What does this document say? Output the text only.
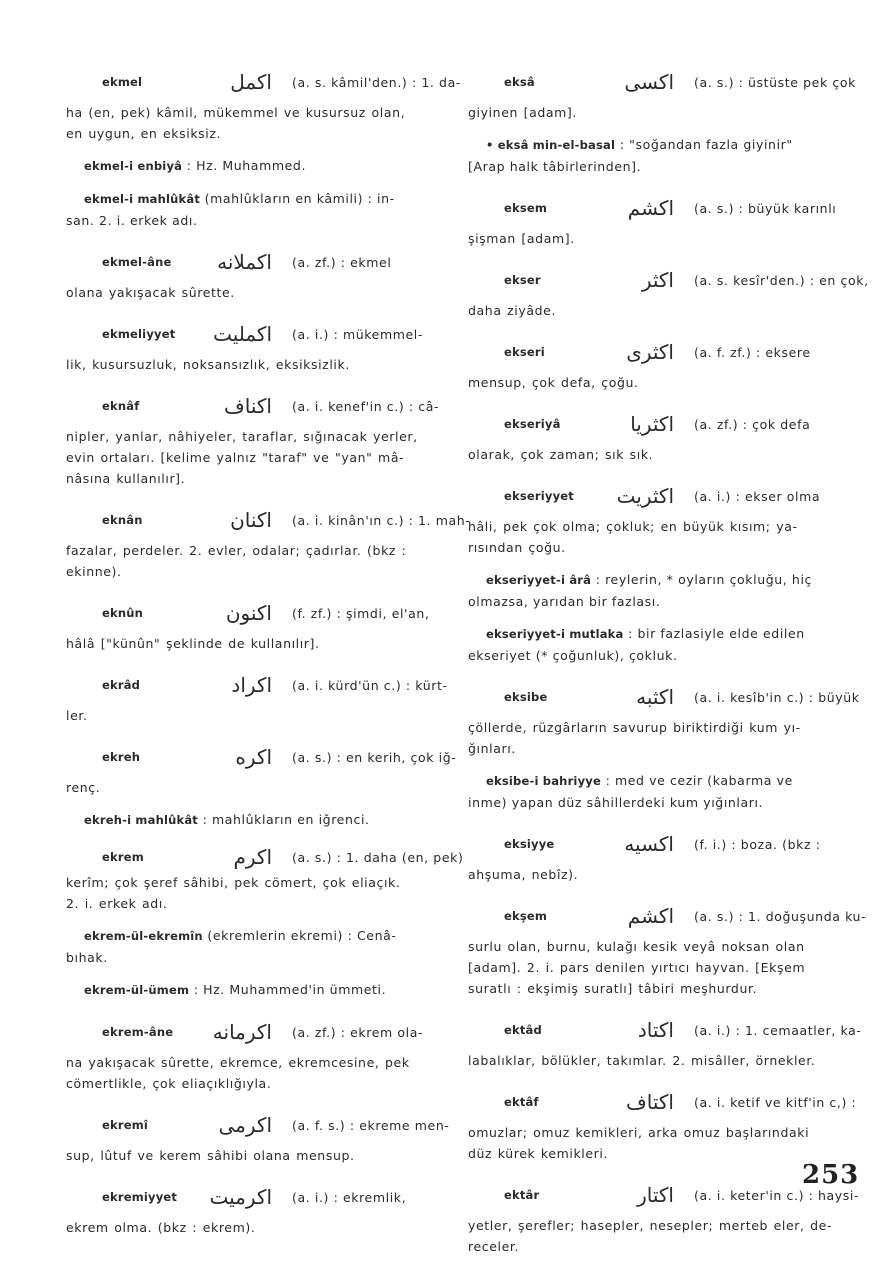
ekmel	اكمل (a. s. kâmil'den.) : 1. da-
ha (en, pek) kâmil, mükemmel ve kusursuz olan,
en uygun, en eksiksiz.
ekmel-i enbiyâ : Hz. Muhammed.
ekmel-i mahlûkât (mahlûkların en kâmili) : in-
san. 2. i. erkek adı.
ekmel-âne	اكملانه (a. zf.) : ekmel
olana yakışacak sûrette.
ekmeliyyet	اكمليت (a. i.) : mükemmel-
lik, kusursuzluk, noksansızlık, eksiksizlik.
eknâf	اكناف (a. i. kenef'in c.) : câ-
nipler, yanlar, nâhiyeler, taraflar, sığınacak yerler,
evin ortaları. [kelime yalnız "taraf" ve "yan" mâ-
nâsına kullanılır].
eknân	اكنان (a. i. kinân'ın c.) : 1. mah-
fazalar, perdeler. 2. evler, odalar; çadırlar. (bkz :
ekinne).
eknûn	اكنون (f. zf.) : şimdi, el'an,
hâlâ ["künûn" şeklinde de kullanılır].
ekrâd	اكراد (a. i. kürd'ün c.) : kürt-
ler.
ekreh	اكره (a. s.) : en kerih, çok iğ-
renç.
ekreh-i mahlûkât : mahlûkların en iğrenci.
ekrem	اكرم (a. s.) : 1. daha (en, pek)
kerîm; çok şeref sâhibi, pek cömert, çok eliaçık.
2. i. erkek adı.
ekrem-ül-ekremîn (ekremlerin ekremi) : Cenâ-
bıhak.
ekrem-ül-ümem : Hz. Muhammed'in ümmeti.
ekrem-âne	اكرمانه (a. zf.) : ekrem ola-
na yakışacak sûrette, ekremce, ekremcesine, pek
cömertlikle, çok eliaçıklığıyla.
ekremî	اكرمى (a. f. s.) : ekreme men-
sup, lûtuf ve kerem sâhibi olana mensup.
ekremiyyet	اكرميت (a. i.) : ekremlik,
ekrem olma. (bkz : ekrem).
eksâ	اكسى (a. s.) : üstüste pek çok
giyinen [adam].
• eksâ min-el-basal : "soğandan fazla giyinir"
[Arap halk tâbirlerinden].
eksem	اكشم (a. s.) : büyük karınlı
şişman [adam].
ekser	اكثر (a. s. kesîr'den.) : en çok,
daha ziyâde.
ekseri	اكثرى (a. f. zf.) : eksere
mensup, çok defa, çoğu.
ekseriyâ	اكثريا (a. zf.) : çok defa
olarak, çok zaman; sık sık.
ekseriyyet	اكثريت (a. i.) : ekser olma
hâli, pek çok olma; çokluk; en büyük kısım; ya-
rısından çoğu.
ekseriyyet-i ârâ : reylerin, * oyların çokluğu, hiç
olmazsa, yarıdan bir fazlası.
ekseriyyet-i mutlaka : bir fazlasiyle elde edilen
ekseriyet (* çoğunluk), çokluk.
eksibe	اكثبه (a. i. kesîb'in c.) : büyük
çöllerde, rüzgârların savurup biriktirdiği kum yı-
ğınları.
eksibe-i bahriyye : med ve cezir (kabarma ve
inme) yapan düz sâhillerdeki kum yığınları.
eksiyye	اكسيه (f. i.) : boza. (bkz :
ahşuma, nebîz).
ekşem	اكشم (a. s.) : 1. doğuşunda ku-
surlu olan, burnu, kulağı kesik veyâ noksan olan
[adam]. 2. i. pars denilen yırtıcı hayvan. [Ekşem
suratlı : ekşimiş suratlı] tâbiri meşhurdur.
ektâd	اكتاد (a. i.) : 1. cemaatler, ka-
labalıklar, bölükler, takımlar. 2. misâller, örnekler.
ektâf	اكتاف (a. i. ketif ve kitf'in c,) :
omuzlar; omuz kemikleri, arka omuz başlarındaki
düz kürek kemikleri.
ektâr	اكتار (a. i. keter'in c.) : haysi-
yetler, şerefler; hasepler, nesepler; merteb eler, de-
receler.
253
